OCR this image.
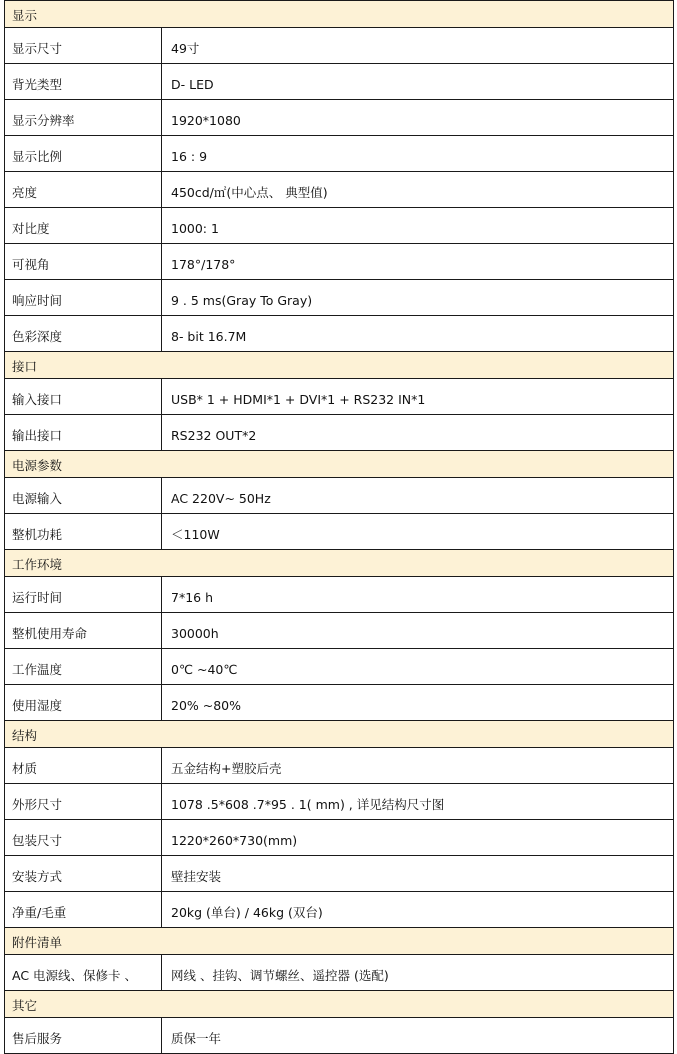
显示	
显示尺寸	49寸
背光类型	D- LED
显示分辨率	1920*1080
显示比例	16 : 9
亮度	450cd/㎡(中心点、 典型值)
对比度	1000: 1
可视角	178°/178°
响应时间	9 . 5 ms(Gray To Gray)
色彩深度	8- bit 16.7M
接口	
输入接口	USB* 1 + HDMI*1 + DVI*1 + RS232 IN*1
输出接口	RS232 OUT*2
电源参数	
电源输入	AC 220V~ 50Hz
整机功耗	＜110W
工作环境	
运行时间	7*16 h
整机使用寿命	30000h
工作温度	0℃ ~40℃
使用湿度	20% ~80%
结构	
材质	五金结构+塑胶后壳
外形尺寸	1078 .5*608 .7*95 . 1( mm) , 详见结构尺寸图
包装尺寸	1220*260*730(mm)
安装方式	壁挂安装
净重/毛重	20kg (单台) / 46kg (双台)
附件清单	
AC 电源线、保修卡 、	网线 、挂钩、调节螺丝、遥控器 (选配)
其它	
售后服务	质保一年
